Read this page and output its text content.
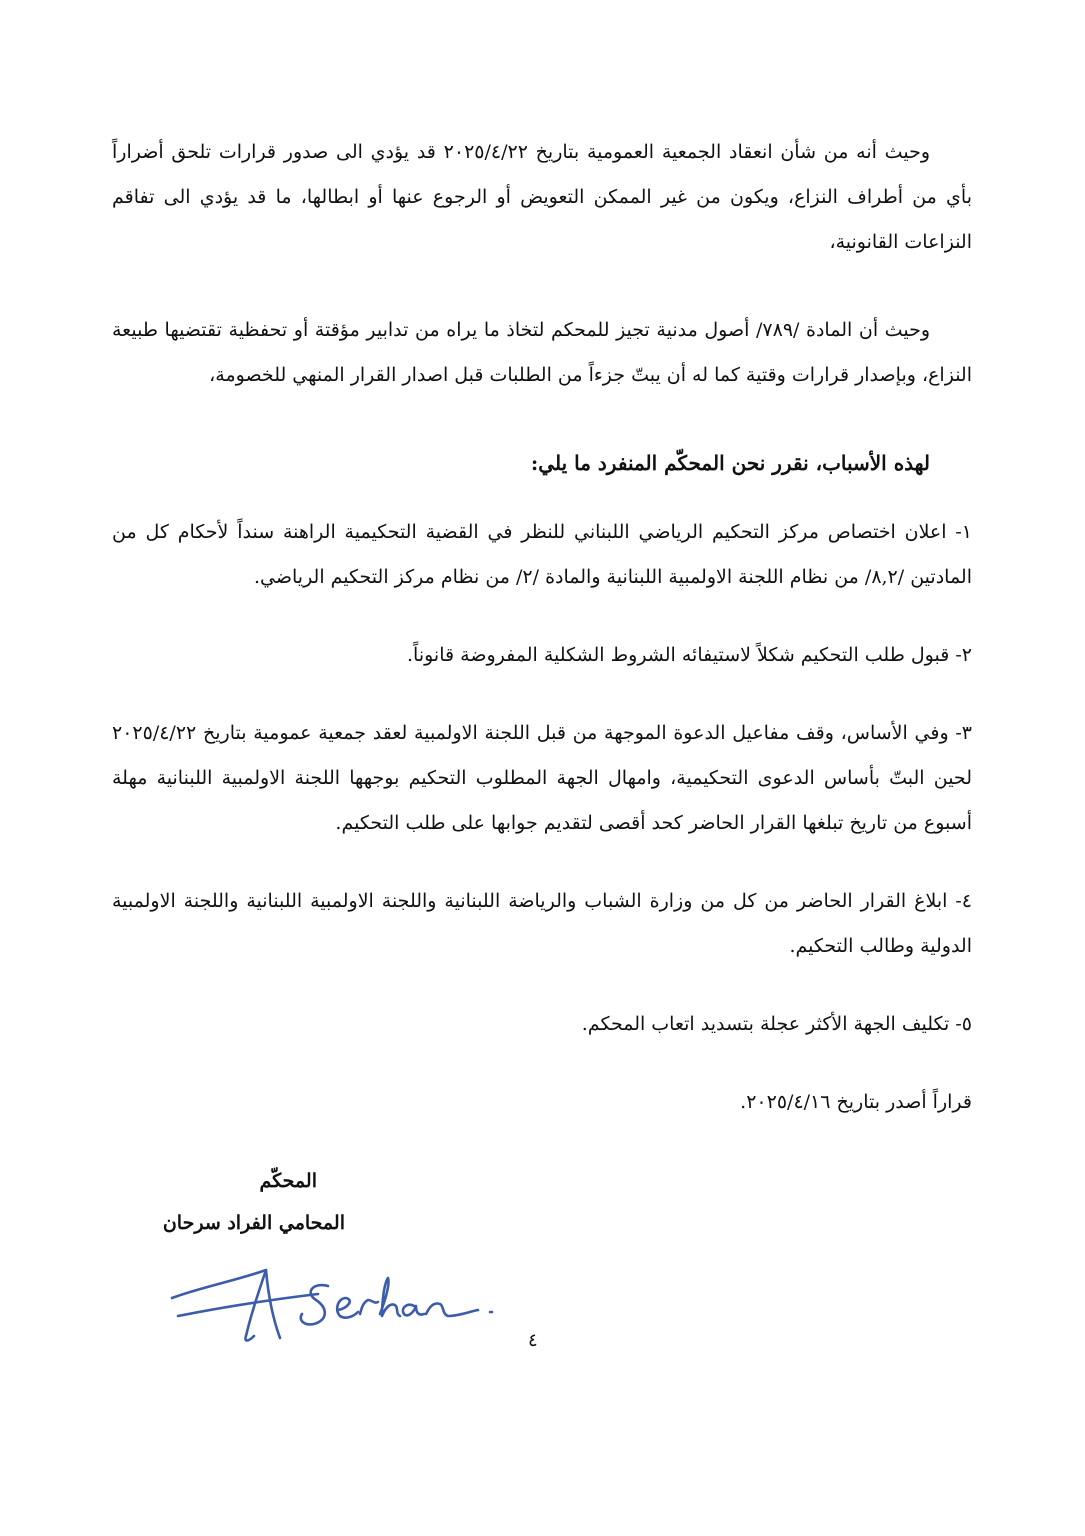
وحيث أنه من شأن انعقاد الجمعية العمومية بتاريخ ٢٠٢٥/٤/٢٢ قد يؤدي الى صدور قرارات تلحق أضراراً بأي من أطراف النزاع، ويكون من غير الممكن التعويض أو الرجوع عنها أو ابطالها، ما قد يؤدي الى تفاقم النزاعات القانونية،

وحيث أن المادة /٧٨٩/ أصول مدنية تجيز للمحكم لتخاذ ما يراه من تدابير مؤقتة أو تحفظية تقتضيها طبيعة النزاع، وبإصدار قرارات وقتية كما له أن يبتّ جزءاً من الطلبات قبل اصدار القرار المنهي للخصومة،

لهذه الأسباب، نقرر نحن المحكّم المنفرد ما يلي:

١- اعلان اختصاص مركز التحكيم الرياضي اللبناني للنظر في القضية التحكيمية الراهنة سنداً لأحكام كل من المادتين /٨,٢/ من نظام اللجنة الاولمبية اللبنانية والمادة /٢/ من نظام مركز التحكيم الرياضي.

٢- قبول طلب التحكيم شكلاً لاستيفائه الشروط الشكلية المفروضة قانوناً.

٣- وفي الأساس، وقف مفاعيل الدعوة الموجهة من قبل اللجنة الاولمبية لعقد جمعية عمومية بتاريخ ٢٠٢٥/٤/٢٢ لحين البتّ بأساس الدعوى التحكيمية، وامهال الجهة المطلوب التحكيم بوجهها اللجنة الاولمبية اللبنانية مهلة أسبوع من تاريخ تبلغها القرار الحاضر كحد أقصى لتقديم جوابها على طلب التحكيم.

٤- ابلاغ القرار الحاضر من كل من وزارة الشباب والرياضة اللبنانية واللجنة الاولمبية اللبنانية واللجنة الاولمبية الدولية وطالب التحكيم.

٥- تكليف الجهة الأكثر عجلة بتسديد اتعاب المحكم.

قراراً أصدر بتاريخ ٢٠٢٥/٤/١٦.

المحكّم

المحامي الفراد سرحان

٤
